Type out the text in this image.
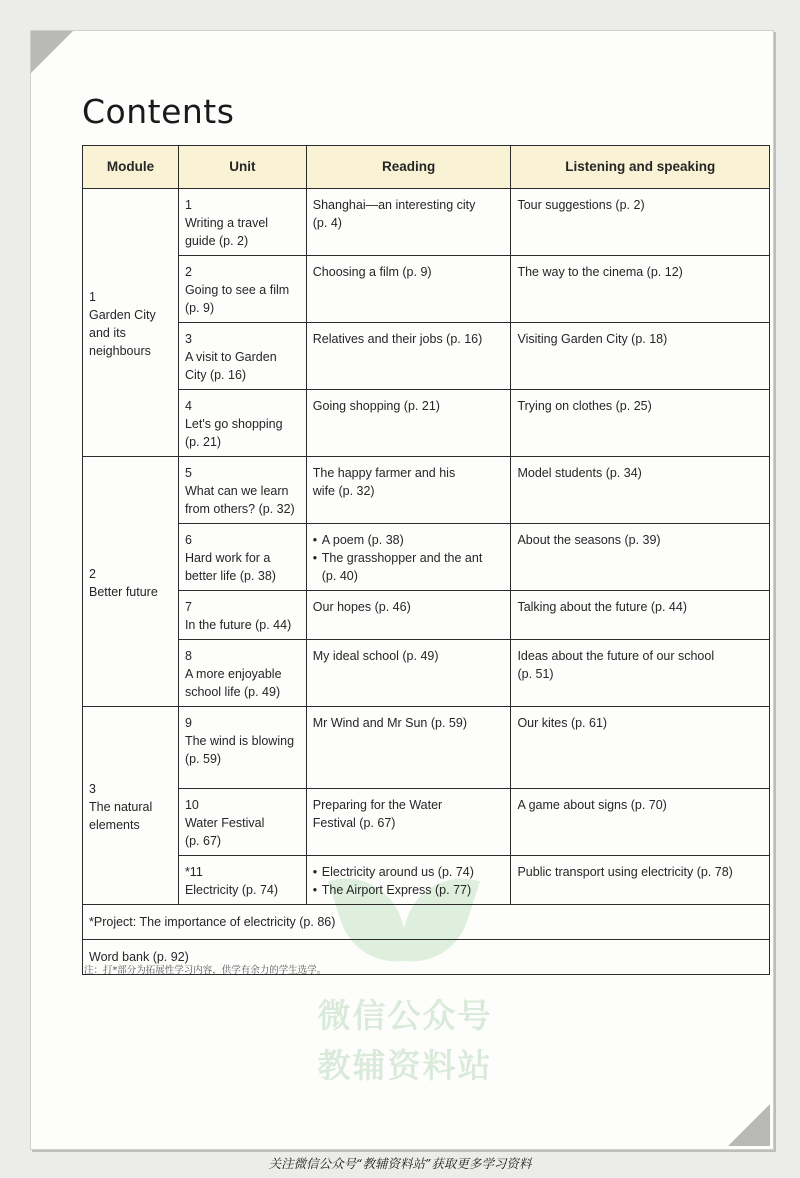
微信公众号
教辅资料站
Contents
Module	Unit	Reading	Listening and speaking

1
Garden City
and its
neighbours	1
Writing a travel
guide (p. 2)	Shanghai—an interesting city
(p. 4)	Tour suggestions (p. 2)

	2
Going to see a film
(p. 9)	Choosing a film (p. 9)	The way to the cinema (p. 12)

	3
A visit to Garden
City (p. 16)	Relatives and their jobs (p. 16)	Visiting Garden City (p. 18)

	4
Let's go shopping
(p. 21)	Going shopping (p. 21)	Trying on clothes (p. 25)

2
Better future	5
What can we learn
from others? (p. 32)	The happy farmer and his
wife (p. 32)	Model students (p. 34)

	6
Hard work for a
better life (p. 38)	• A poem (p. 38)
• The grasshopper and the ant
(p. 40)	About the seasons (p. 39)

	7
In the future (p. 44)	Our hopes (p. 46)	Talking about the future (p. 44)

	8
A more enjoyable
school life (p. 49)	My ideal school (p. 49)	Ideas about the future of our school
(p. 51)

3
The natural
elements	9
The wind is blowing
(p. 59)	Mr Wind and Mr Sun (p. 59)	Our kites (p. 61)

	10
Water Festival
(p. 67)	Preparing for the Water
Festival (p. 67)	A game about signs (p. 70)

	*11
Electricity (p. 74)	• Electricity around us (p. 74)
• The Airport Express (p. 77)	Public transport using electricity (p. 78)
*Project: The importance of electricity (p. 86)			
Word bank (p. 92)			
注：打*部分为拓展性学习内容，供学有余力的学生选学。
关注微信公众号“教辅资料站”获取更多学习资料
